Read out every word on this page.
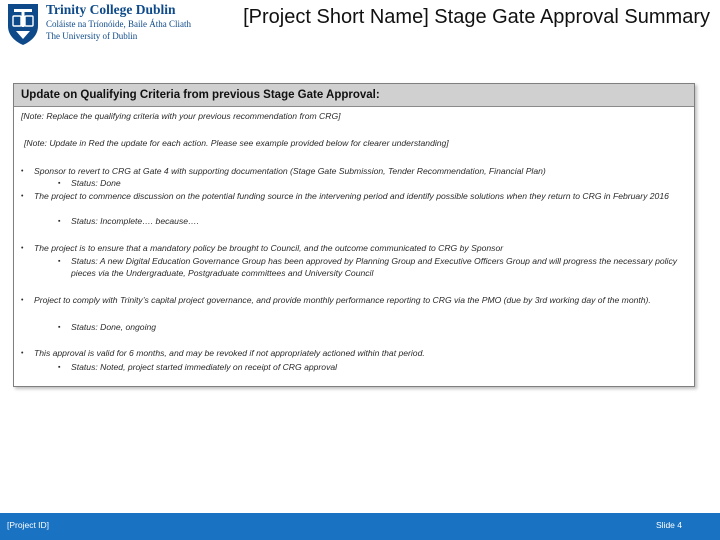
Trinity College Dublin
Coláiste na Tríonóide, Baile Átha Cliath
The University of Dublin
[Project Short Name] Stage Gate Approval Summary
Update on Qualifying Criteria from previous Stage Gate Approval:
[Note: Replace the qualifying criteria with your previous recommendation from CRG]
[Note: Update in Red the update for each action. Please see example provided below for clearer understanding]
•	Sponsor to revert to CRG at Gate 4 with supporting documentation (Stage Gate Submission, Tender Recommendation, Financial Plan)
▪ Status: Done
•	The project to commence discussion on the potential funding source in the intervening period and identify possible solutions when they return to CRG in February 2016
▪ Status: Incomplete…. because….
•	The project is to ensure that a mandatory policy be brought to Council, and the outcome communicated to CRG by Sponsor
▪ Status: A new Digital Education Governance Group has been approved by Planning Group and Executive Officers Group and will progress the necessary policy pieces via the Undergraduate, Postgraduate committees and University Council
•	Project to comply with Trinity’s capital project governance, and provide monthly performance reporting to CRG via the PMO (due by 3rd working day of the month).
▪ Status: Done, ongoing
•	This approval is valid for 6 months, and may be revoked if not appropriately actioned within that period.
▪ Status: Noted, project started immediately on receipt of CRG approval
[Project ID]	Slide 4
